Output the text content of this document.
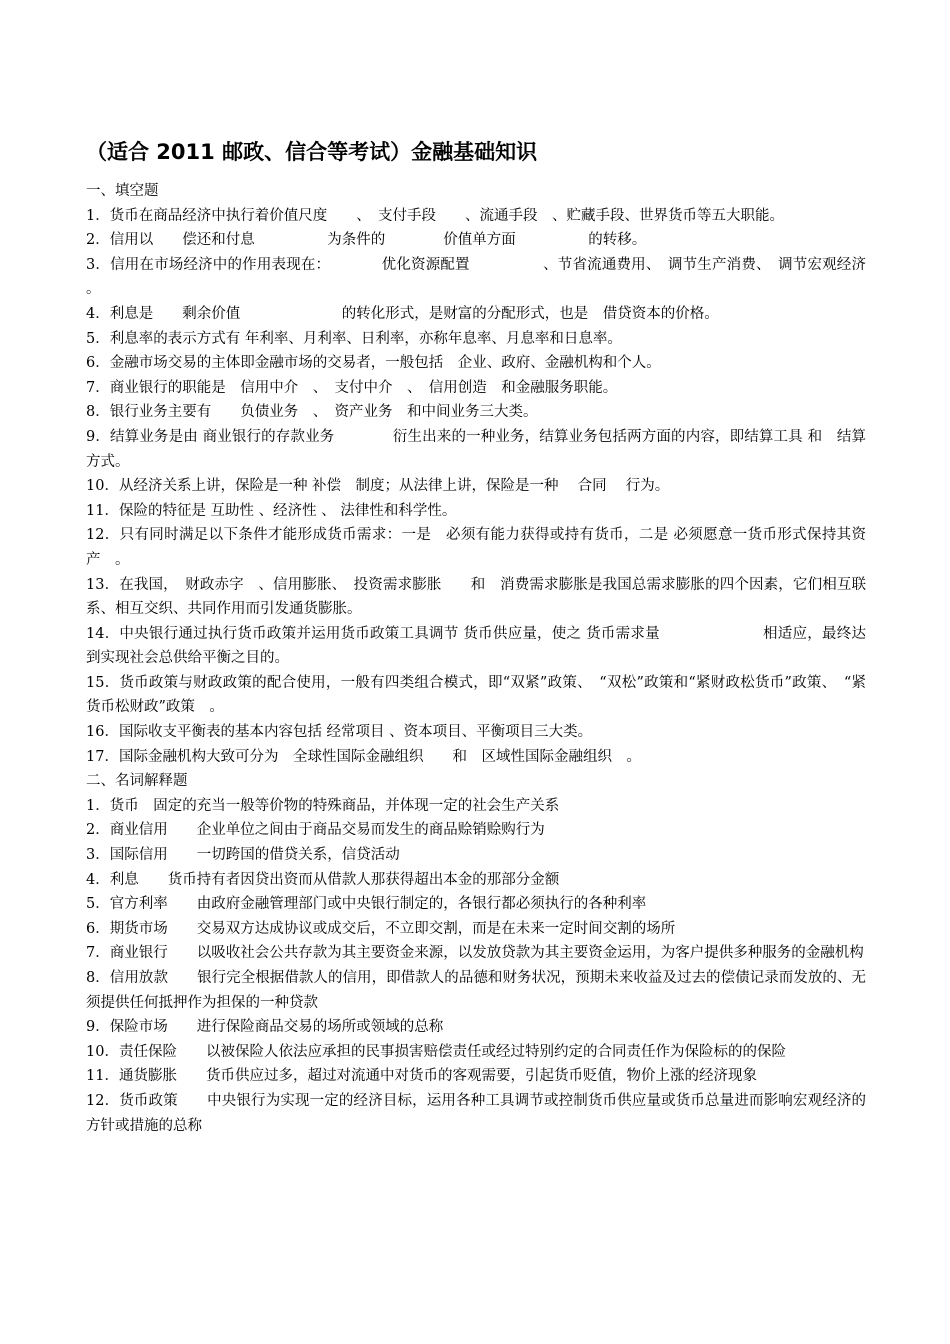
（适合 2011 邮政、信合等考试）金融基础知识

一、填空题

1．货币在商品经济中执行着价值尺度　　、　支付手段　　、流通手段　、贮藏手段、世界货币等五大职能。

2．信用以　　偿还和付息　　　　　为条件的　　　　价值单方面　　　　　的转移。

3．信用在市场经济中的作用表现在：　　　　优化资源配置　　　　　、节省流通费用、　调节生产消费、　调节宏观经济　　　　　。

4．利息是　　剩余价值　　　　　　　的转化形式，是财富的分配形式，也是　借贷资本的价格。

5．利息率的表示方式有 年利率、月利率、日利率，亦称年息率、月息率和日息率。

6．金融市场交易的主体即金融市场的交易者，一般包括　企业、政府、金融机构和个人。

7．商业银行的职能是　信用中介　、　支付中介　、　信用创造　和金融服务职能。

8．银行业务主要有　　负债业务　、　资产业务　和中间业务三大类。

9．结算业务是由 商业银行的存款业务　　　　衍生出来的一种业务，结算业务包括两方面的内容，即结算工具 和　结算方式。

10．从经济关系上讲，保险是一种 补偿　制度；从法律上讲，保险是一种　 合同　 行为。

11．保险的特征是 互助性 、经济性 、 法律性和科学性。

12．只有同时满足以下条件才能形成货币需求：一是　必须有能力获得或持有货币，二是 必须愿意一货币形式保持其资产　。

13．在我国，　财政赤字　、信用膨胀、　投资需求膨胀　　和　消费需求膨胀是我国总需求膨胀的四个因素，它们相互联系、相互交织、共同作用而引发通货膨胀。

14．中央银行通过执行货币政策并运用货币政策工具调节 货币供应量，使之 货币需求量　　　　　　　相适应，最终达到实现社会总供给平衡之目的。

15．货币政策与财政政策的配合使用，一般有四类组合模式，即“双紧”政策、　“双松”政策和“紧财政松货币”政策、　“紧货币松财政”政策　。

16．国际收支平衡表的基本内容包括 经常项目 、资本项目、平衡项目三大类。

17．国际金融机构大致可分为　全球性国际金融组织　　和　区域性国际金融组织　。

二、名词解释题

1．货币　固定的充当一般等价物的特殊商品，并体现一定的社会生产关系

2．商业信用　　企业单位之间由于商品交易而发生的商品赊销赊购行为

3．国际信用　　一切跨国的借贷关系，信贷活动

4．利息　　货币持有者因贷出资而从借款人那获得超出本金的那部分金额

5．官方利率　　由政府金融管理部门或中央银行制定的，各银行都必须执行的各种利率

6．期货市场　　交易双方达成协议或成交后，不立即交割，而是在未来一定时间交割的场所

7．商业银行　　以吸收社会公共存款为其主要资金来源，以发放贷款为其主要资金运用，为客户提供多种服务的金融机构

8．信用放款　　银行完全根据借款人的信用，即借款人的品德和财务状况，预期未来收益及过去的偿债记录而发放的、无须提供任何抵押作为担保的一种贷款

9．保险市场　　进行保险商品交易的场所或领域的总称

10．责任保险　　以被保险人依法应承担的民事损害赔偿责任或经过特别约定的合同责任作为保险标的的保险

11．通货膨胀　　货币供应过多，超过对流通中对货币的客观需要，引起货币贬值，物价上涨的经济现象

12．货币政策　　中央银行为实现一定的经济目标，运用各种工具调节或控制货币供应量或货币总量进而影响宏观经济的方针或措施的总称
